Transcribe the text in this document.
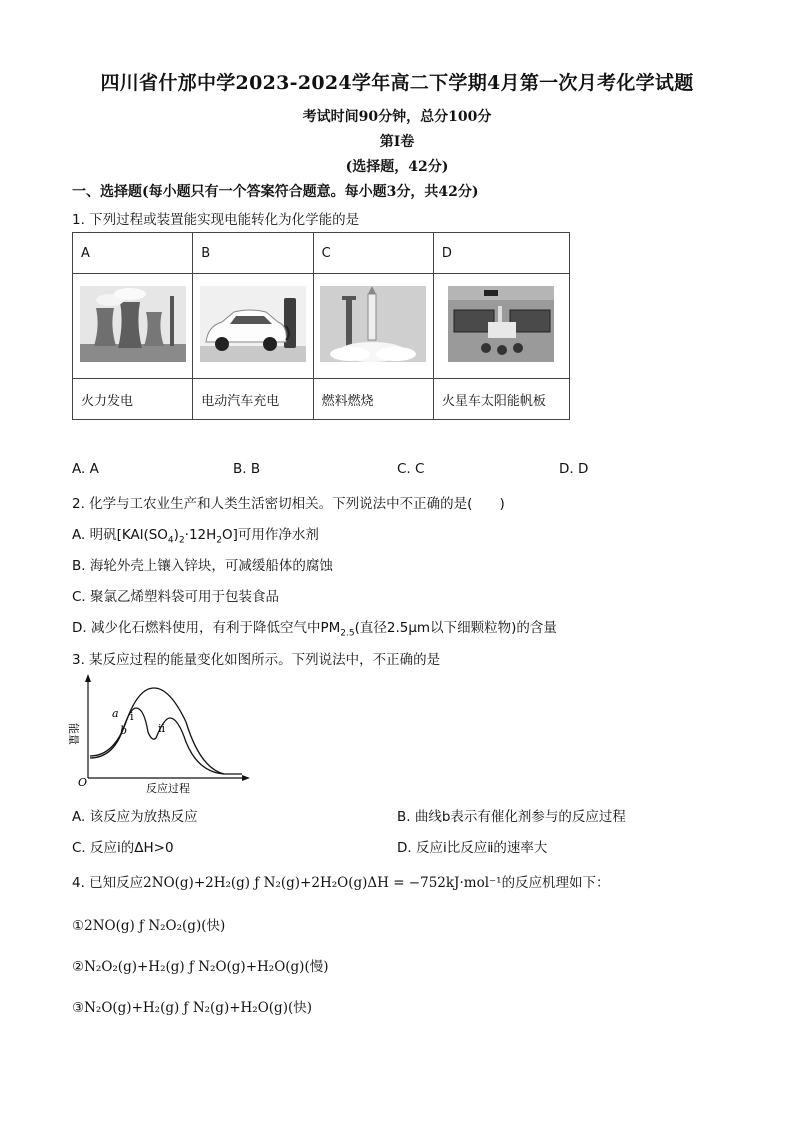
四川省什邡中学2023-2024学年高二下学期4月第一次月考化学试题
考试时间90分钟，总分100分
第Ⅰ卷
(选择题，42分)
一、选择题(每小题只有一个答案符合题意。每小题3分，共42分)
1. 下列过程或装置能实现电能转化为化学能的是
A	B	C	D

火力发电	电动汽车充电	燃料燃烧	火星车太阳能帆板
A. A	B. B	C. C	D. D
2. 化学与工农业生产和人类生活密切相关。下列说法中不正确的是(　　)
A. 明矾$[KAl(SO_4)_2\cdot 12H_2O]$可用作净水剂
B. 海轮外壳上镶入锌块，可减缓船体的腐蚀
C. 聚氯乙烯塑料袋可用于包装食品
D. 减少化石燃料使用，有利于降低空气中$PM_{2.5}$(直径2.5μm以下细颗粒物)的含量
3. 某反应过程的能量变化如图所示。下列说法中，不正确的是
能量
a
b
i
ii
O	反应过程
A. 该反应为放热反应	B. 曲线b表示有催化剂参与的反应过程
C. 反应ⅰ的ΔH>0	D. 反应ⅰ比反应ⅱ的速率大
4. 已知反应2NO(g)+2H₂(g) ƒ N₂(g)+2H₂O(g)ΔH = −752kJ·mol⁻¹的反应机理如下：
①2NO(g) ƒ N₂O₂(g)(快)
②N₂O₂(g)+H₂(g) ƒ N₂O(g)+H₂O(g)(慢)
③N₂O(g)+H₂(g) ƒ N₂(g)+H₂O(g)(快)
